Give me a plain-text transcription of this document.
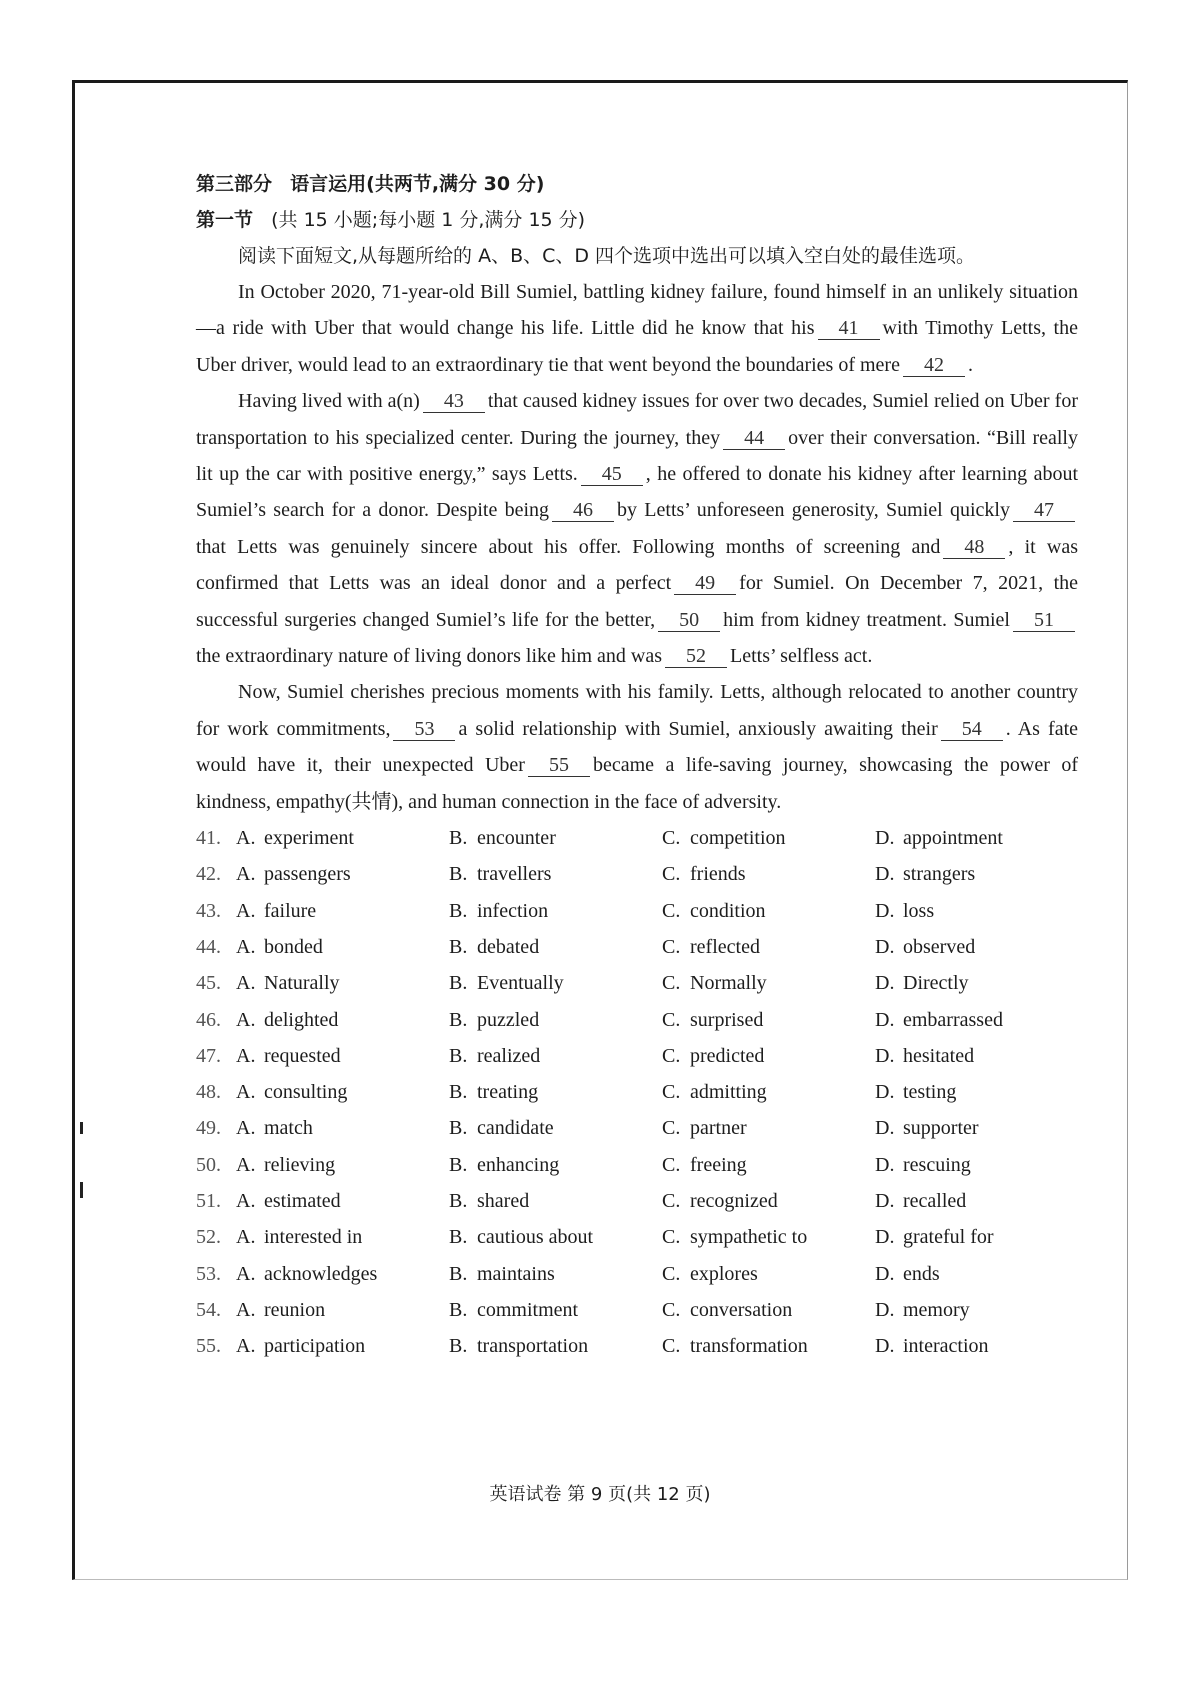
第三部分 语言运用(共两节,满分 30 分)
第一节 (共 15 小题;每小题 1 分,满分 15 分)
阅读下面短文,从每题所给的 A、B、C、D 四个选项中选出可以填入空白处的最佳选项。

In October 2020, 71-year-old Bill Sumiel, battling kidney failure, found himself in an unlikely situation—a ride with Uber that would change his life. Little did he know that his 41 with Timothy Letts, the Uber driver, would lead to an extraordinary tie that went beyond the boundaries of mere 42 .

Having lived with a(n) 43 that caused kidney issues for over two decades, Sumiel relied on Uber for transportation to his specialized center. During the journey, they 44 over their conversation. “Bill really lit up the car with positive energy,” says Letts. 45 , he offered to donate his kidney after learning about Sumiel’s search for a donor. Despite being 46 by Letts’ unforeseen generosity, Sumiel quickly 47that Letts was genuinely sincere about his offer. Following months of screening and 48 , it was confirmed that Letts was an ideal donor and a perfect 49 for Sumiel. On December 7, 2021, the successful surgeries changed Sumiel’s life for the better, 50 him from kidney treatment. Sumiel 51the extraordinary nature of living donors like him and was 52 Letts’ selfless act.

Now, Sumiel cherishes precious moments with his family. Letts, although relocated to another country for work commitments, 53 a solid relationship with Sumiel, anxiously awaiting their 54 . As fate would have it, their unexpected Uber 55 became a life-saving journey, showcasing the power of kindness, empathy(共情), and human connection in the face of adversity.

41. A. experiment	B. encounter	C. competition	D. appointment
42. A. passengers	B. travellers	C. friends	D. strangers
43. A. failure	B. infection	C. condition	D. loss
44. A. bonded	B. debated	C. reflected	D. observed
45. A. Naturally	B. Eventually	C. Normally	D. Directly
46. A. delighted	B. puzzled	C. surprised	D. embarrassed
47. A. requested	B. realized	C. predicted	D. hesitated
48. A. consulting	B. treating	C. admitting	D. testing
49. A. match	B. candidate	C. partner	D. supporter
50. A. relieving	B. enhancing	C. freeing	D. rescuing
51. A. estimated	B. shared	C. recognized	D. recalled
52. A. interested in	B. cautious about	C. sympathetic to	D. grateful for
53. A. acknowledges	B. maintains	C. explores	D. ends
54. A. reunion	B. commitment	C. conversation	D. memory
55. A. participation	B. transportation	C. transformation	D. interaction
英语试卷 第 9 页(共 12 页)
